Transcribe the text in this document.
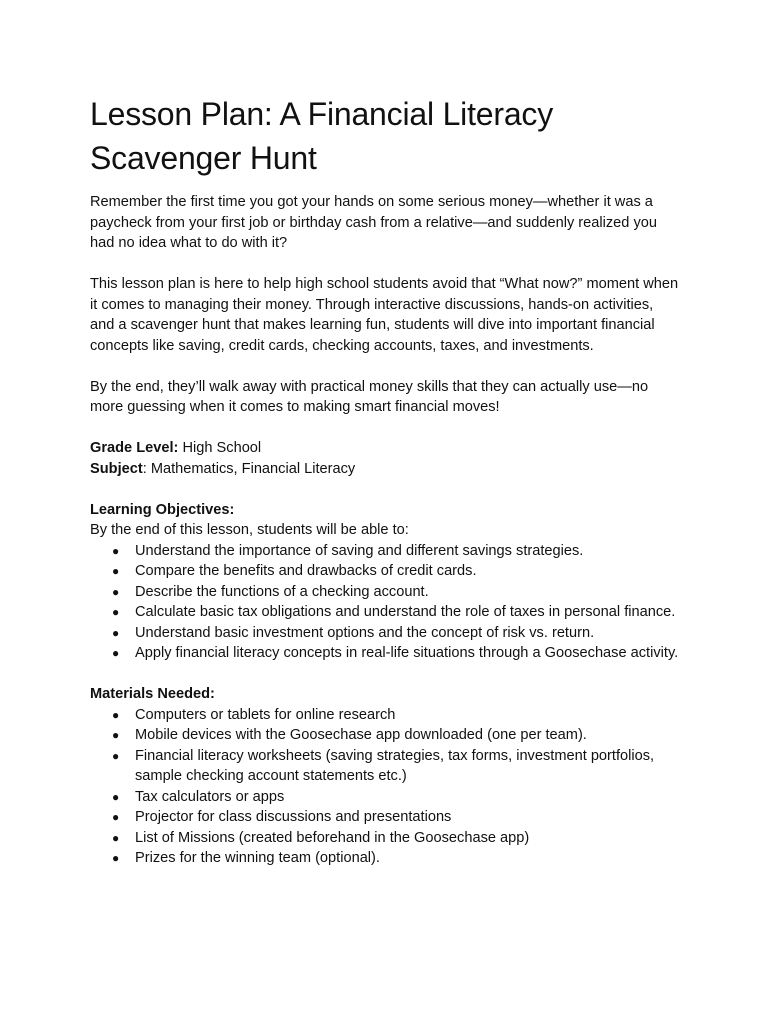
Lesson Plan: A Financial Literacy Scavenger Hunt

Remember the first time you got your hands on some serious money—whether it was a paycheck from your first job or birthday cash from a relative—and suddenly realized you had no idea what to do with it?

This lesson plan is here to help high school students avoid that “What now?” moment when it comes to managing their money. Through interactive discussions, hands-on activities, and a scavenger hunt that makes learning fun, students will dive into important financial concepts like saving, credit cards, checking accounts, taxes, and investments.

By the end, they’ll walk away with practical money skills that they can actually use—no more guessing when it comes to making smart financial moves!

Grade Level: High School

Subject: Mathematics, Financial Literacy

Learning Objectives:

By the end of this lesson, students will be able to:

● Understand the importance of saving and different savings strategies.
● Compare the benefits and drawbacks of credit cards.
● Describe the functions of a checking account.
● Calculate basic tax obligations and understand the role of taxes in personal finance.
● Understand basic investment options and the concept of risk vs. return.
● Apply financial literacy concepts in real-life situations through a Goosechase activity.

Materials Needed:

● Computers or tablets for online research
● Mobile devices with the Goosechase app downloaded (one per team).
● Financial literacy worksheets (saving strategies, tax forms, investment portfolios, sample checking account statements etc.)
● Tax calculators or apps
● Projector for class discussions and presentations
● List of Missions (created beforehand in the Goosechase app)
● Prizes for the winning team (optional).
